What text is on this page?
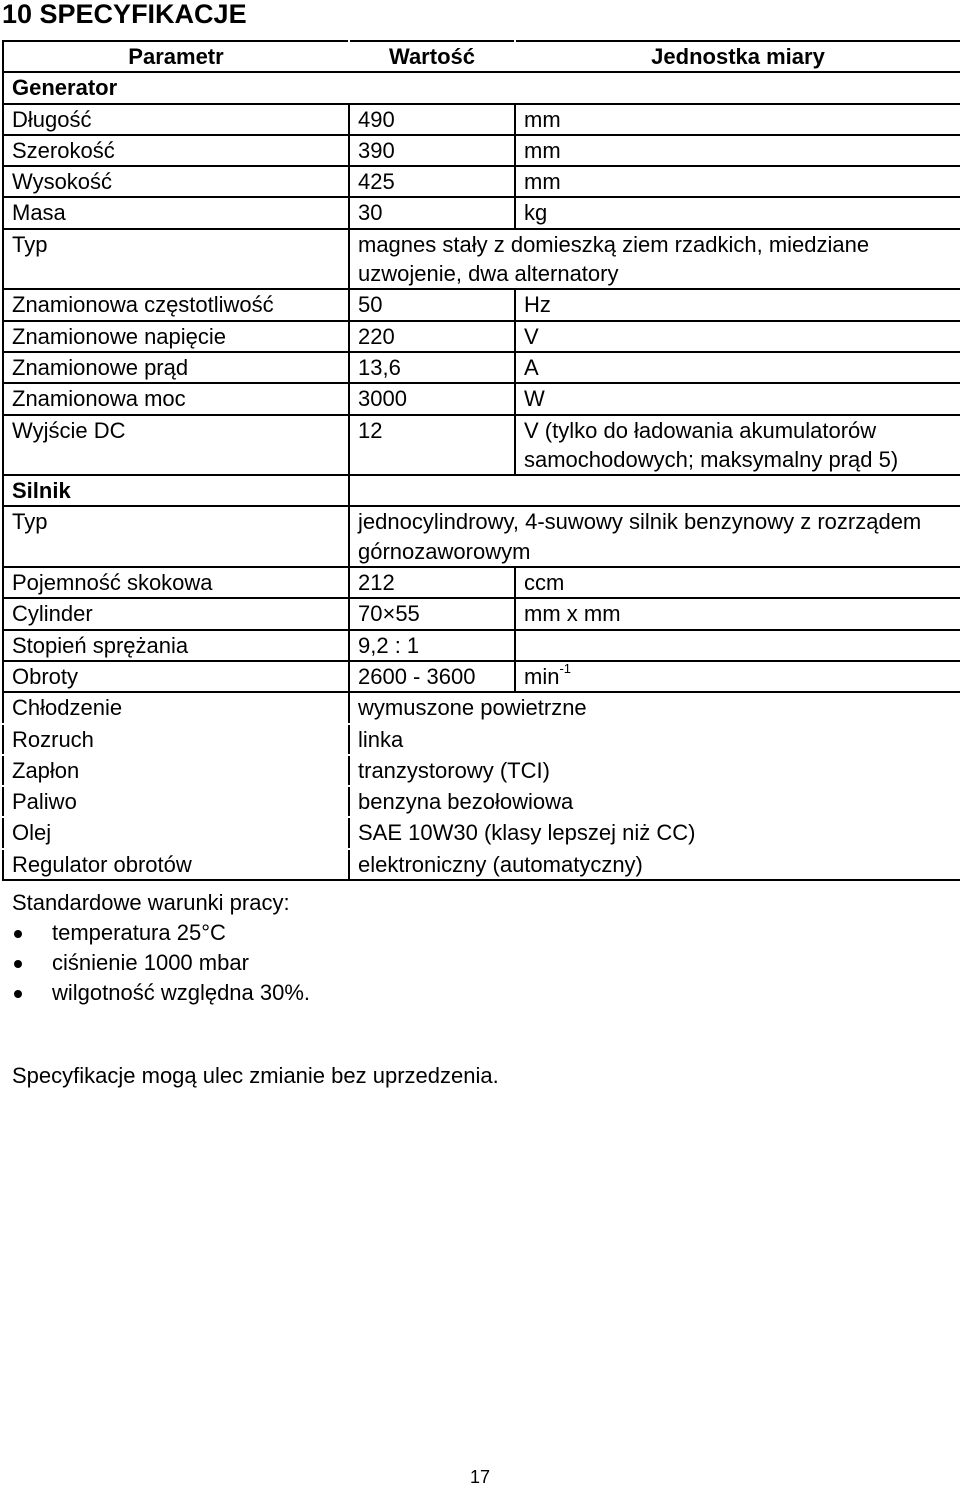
10 SPECYFIKACJE
Parametr	Wartość	Jednostka miary
Generator		
Długość	490	mm
Szerokość	390	mm
Wysokość	425	mm
Masa	30	kg
Typ	magnes stały z domieszką ziem rzadkich, miedziane uzwojenie, dwa alternatory	
Znamionowa częstotliwość	50	Hz
Znamionowe napięcie	220	V
Znamionowe prąd	13,6	A
Znamionowa moc	3000	W
Wyjście DC	12	V (tylko do ładowania akumulatorów samochodowych; maksymalny prąd 5)
Silnik		
Typ	jednocylindrowy, 4-suwowy silnik benzynowy z rozrządem górnozaworowym	
Pojemność skokowa	212	ccm
Cylinder	70×55	mm x mm
Stopień sprężania	9,2 : 1	
Obroty	2600 - 3600	$\min^{-1}$
Chłodzenie	wymuszone powietrzne	
Rozruch	linka	
Zapłon	tranzystorowy (TCI)	
Paliwo	benzyna bezołowiowa	
Olej	SAE 10W30 (klasy lepszej niż CC)	
Regulator obrotów	elektroniczny (automatyczny)	
Standardowe warunki pracy:
temperatura 25°C
ciśnienie 1000 mbar
wilgotność względna 30%.
Specyfikacje mogą ulec zmianie bez uprzedzenia.
17
